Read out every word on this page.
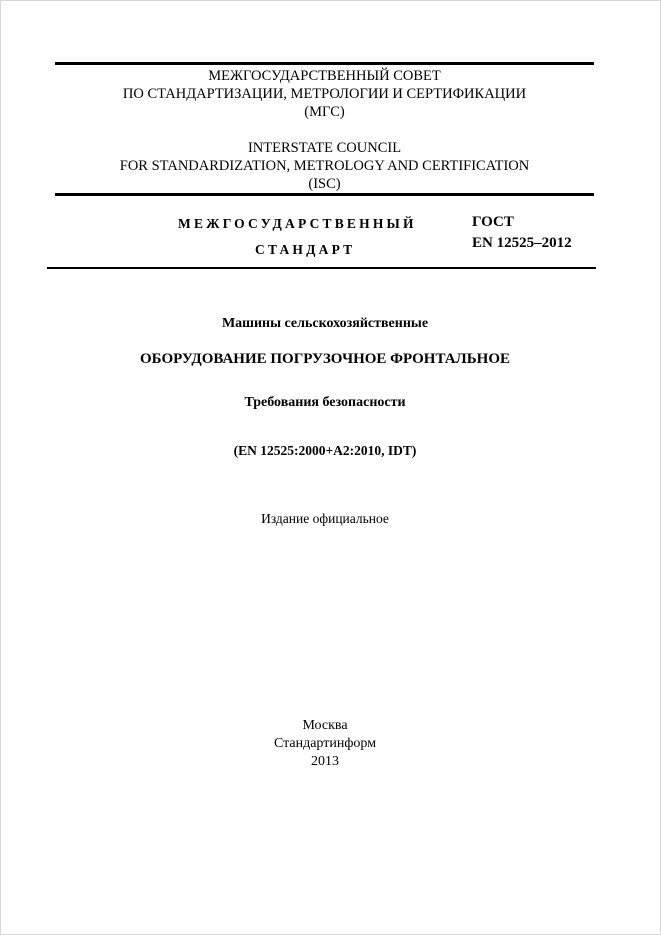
МЕЖГОСУДАРСТВЕННЫЙ СОВЕТ
ПО СТАНДАРТИЗАЦИИ, МЕТРОЛОГИИ И СЕРТИФИКАЦИИ
(МГС)
INTERSTATE COUNCIL
FOR STANDARDIZATION, METROLOGY AND CERTIFICATION
(ISC)
МЕЖГОСУДАРСТВЕННЫЙ
СТАНДАРТ
ГОСТ
EN 12525–2012
Машины сельскохозяйственные
ОБОРУДОВАНИЕ ПОГРУЗОЧНОЕ ФРОНТАЛЬНОЕ
Требования безопасности
(EN 12525:2000+A2:2010, IDT)
Издание официальное
Москва
Стандартинформ
2013
